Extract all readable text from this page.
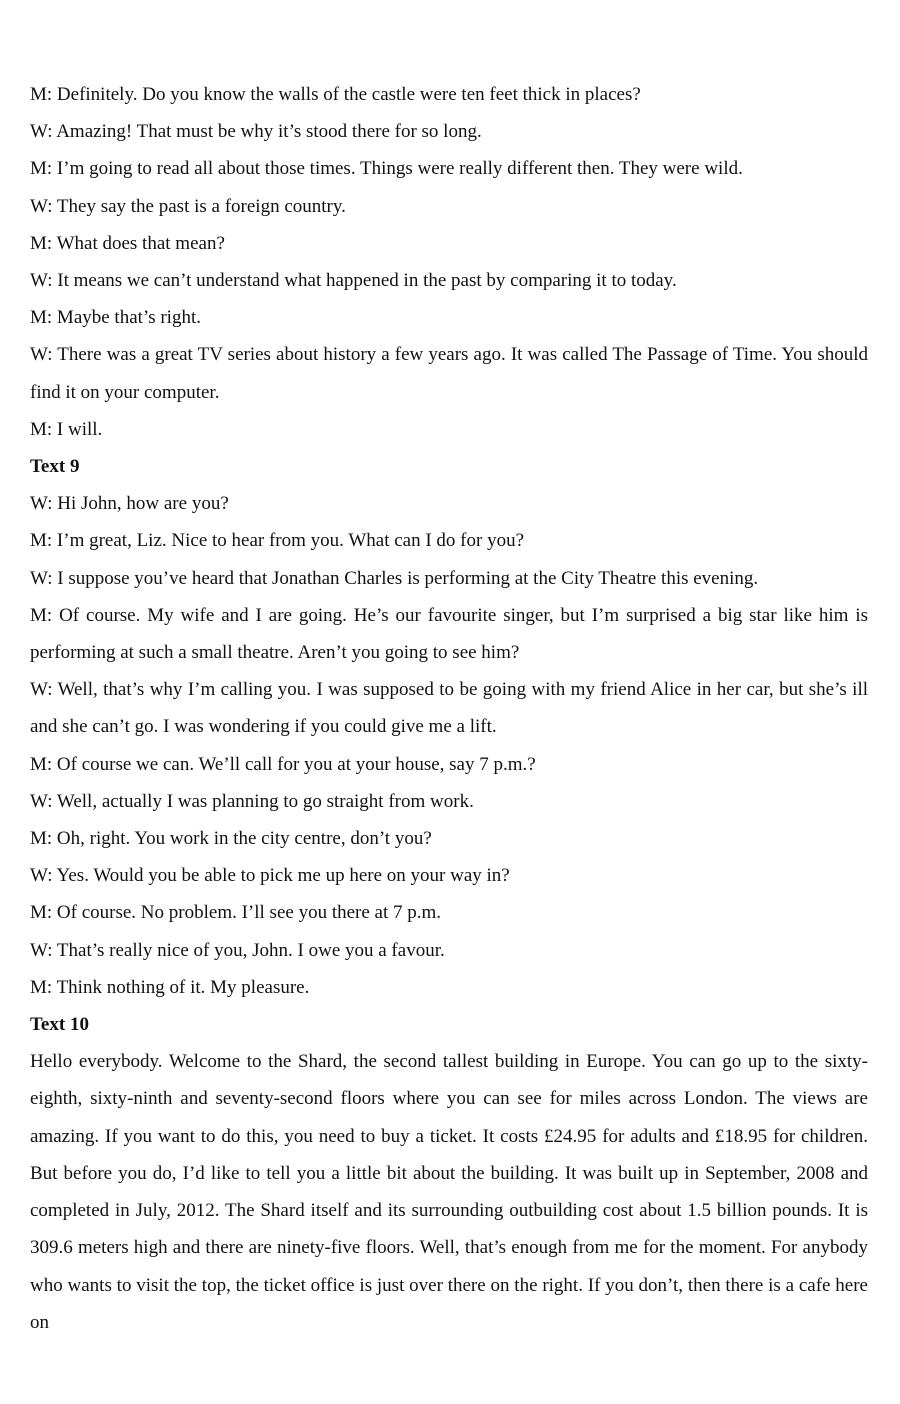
M: Definitely. Do you know the walls of the castle were ten feet thick in places?

W: Amazing! That must be why it’s stood there for so long.

M: I’m going to read all about those times. Things were really different then. They were wild.

W: They say the past is a foreign country.

M: What does that mean?

W: It means we can’t understand what happened in the past by comparing it to today.

M: Maybe that’s right.

W: There was a great TV series about history a few years ago. It was called The Passage of Time. You should find it on your computer.

M: I will.

Text 9

W: Hi John, how are you?

M: I’m great, Liz. Nice to hear from you. What can I do for you?

W: I suppose you’ve heard that Jonathan Charles is performing at the City Theatre this evening.

M: Of course. My wife and I are going. He’s our favourite singer, but I’m surprised a big star like him is performing at such a small theatre. Aren’t you going to see him?

W: Well, that’s why I’m calling you. I was supposed to be going with my friend Alice in her car, but she’s ill and she can’t go. I was wondering if you could give me a lift.

M: Of course we can. We’ll call for you at your house, say 7 p.m.?

W: Well, actually I was planning to go straight from work.

M: Oh, right. You work in the city centre, don’t you?

W: Yes. Would you be able to pick me up here on your way in?

M: Of course. No problem. I’ll see you there at 7 p.m.

W: That’s really nice of you, John. I owe you a favour.

M: Think nothing of it. My pleasure.

Text 10

Hello everybody. Welcome to the Shard, the second tallest building in Europe. You can go up to the sixty-eighth, sixty-ninth and seventy-second floors where you can see for miles across London. The views are amazing. If you want to do this, you need to buy a ticket. It costs £24.95 for adults and £18.95 for children. But before you do, I’d like to tell you a little bit about the building. It was built up in September, 2008 and completed in July, 2012. The Shard itself and its surrounding outbuilding cost about 1.5 billion pounds. It is 309.6 meters high and there are ninety-five floors. Well, that’s enough from me for the moment. For anybody who wants to visit the top, the ticket office is just over there on the right. If you don’t, then there is a cafe here on
